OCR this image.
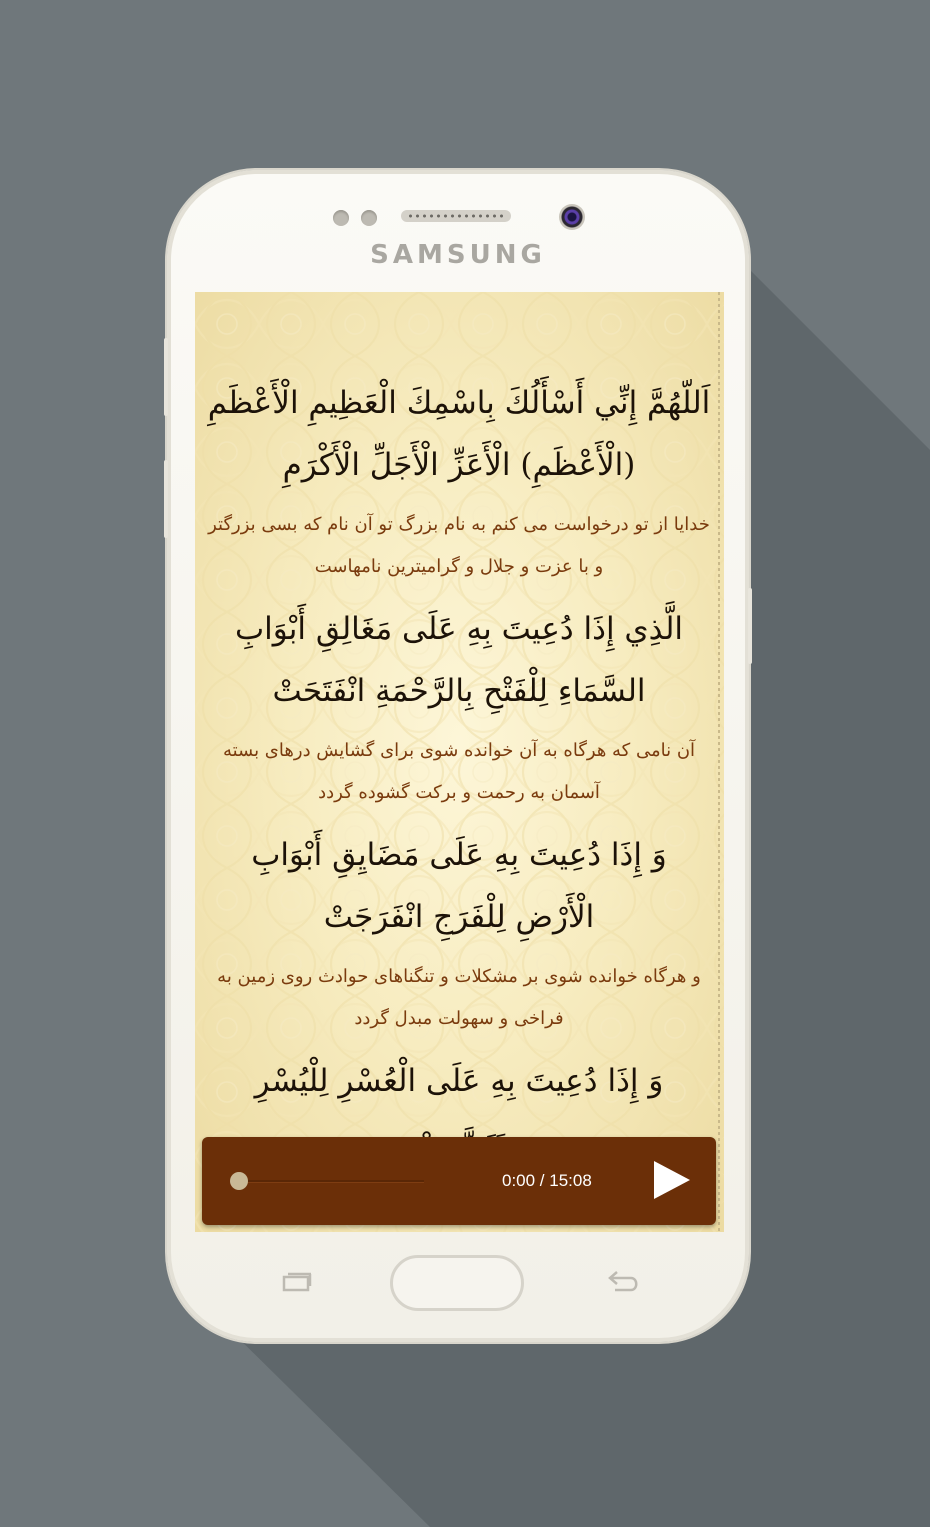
SAMSUNG

اَللّهُمَّ إِنِّي أَسْأَلُكَ بِاسْمِكَ الْعَظِيمِ الْأَعْظَمِ (الْأَعْظَمِ) الْأَعَزِّ الْأَجَلِّ الْأَكْرَمِ

خدایا از تو درخواست می کنم به نام بزرگ تو آن نام که بسی بزرگتر و با عزت و جلال و گرامیترین نامهاست

الَّذِي إِذَا دُعِيتَ بِهِ عَلَى مَغَالِقِ أَبْوَابِ السَّمَاءِ لِلْفَتْحِ بِالرَّحْمَةِ انْفَتَحَتْ

آن نامی که هرگاه به آن خوانده شوی برای گشایش درهای بسته آسمان به رحمت و برکت گشوده گردد

وَ إِذَا دُعِيتَ بِهِ عَلَى مَضَايِقِ أَبْوَابِ الْأَرْضِ لِلْفَرَجِ انْفَرَجَتْ

و هرگاه خوانده شوی بر مشکلات و تنگناهای حوادث روی زمین به فراخی و سهولت مبدل گردد

وَ إِذَا دُعِيتَ بِهِ عَلَى الْعُسْرِ لِلْيُسْرِ

0:00 / 15:08
